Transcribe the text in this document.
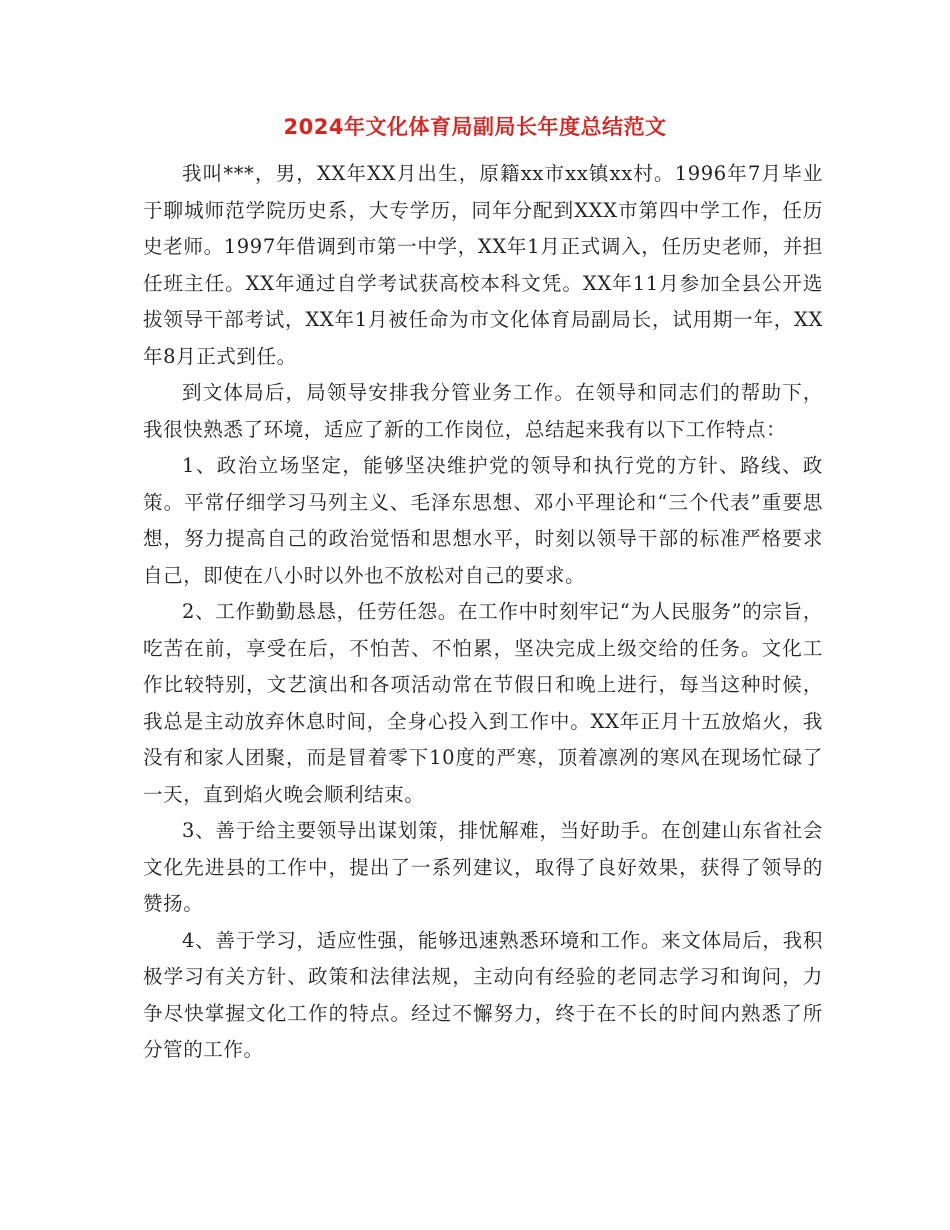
2024年文化体育局副局长年度总结范文

我叫***，男，XX年XX月出生，原籍xx市xx镇xx村。1996年7月毕业于聊城师范学院历史系，大专学历，同年分配到XXX市第四中学工作，任历史老师。1997年借调到市第一中学，XX年1月正式调入，任历史老师，并担任班主任。XX年通过自学考试获高校本科文凭。XX年11月参加全县公开选拔领导干部考试，XX年1月被任命为市文化体育局副局长，试用期一年，XX年8月正式到任。

到文体局后，局领导安排我分管业务工作。在领导和同志们的帮助下，我很快熟悉了环境，适应了新的工作岗位，总结起来我有以下工作特点：

1、政治立场坚定，能够坚决维护党的领导和执行党的方针、路线、政策。平常仔细学习马列主义、毛泽东思想、邓小平理论和“三个代表”重要思想，努力提高自己的政治觉悟和思想水平，时刻以领导干部的标准严格要求自己，即使在八小时以外也不放松对自己的要求。

2、工作勤勤恳恳，任劳任怨。在工作中时刻牢记“为人民服务”的宗旨，吃苦在前，享受在后，不怕苦、不怕累，坚决完成上级交给的任务。文化工作比较特别，文艺演出和各项活动常在节假日和晚上进行，每当这种时候，我总是主动放弃休息时间，全身心投入到工作中。XX年正月十五放焰火，我没有和家人团聚，而是冒着零下10度的严寒，顶着凛冽的寒风在现场忙碌了一天，直到焰火晚会顺利结束。

3、善于给主要领导出谋划策，排忧解难，当好助手。在创建山东省社会文化先进县的工作中，提出了一系列建议，取得了良好效果，获得了领导的赞扬。

4、善于学习，适应性强，能够迅速熟悉环境和工作。来文体局后，我积极学习有关方针、政策和法律法规，主动向有经验的老同志学习和询问，力争尽快掌握文化工作的特点。经过不懈努力，终于在不长的时间内熟悉了所分管的工作。
